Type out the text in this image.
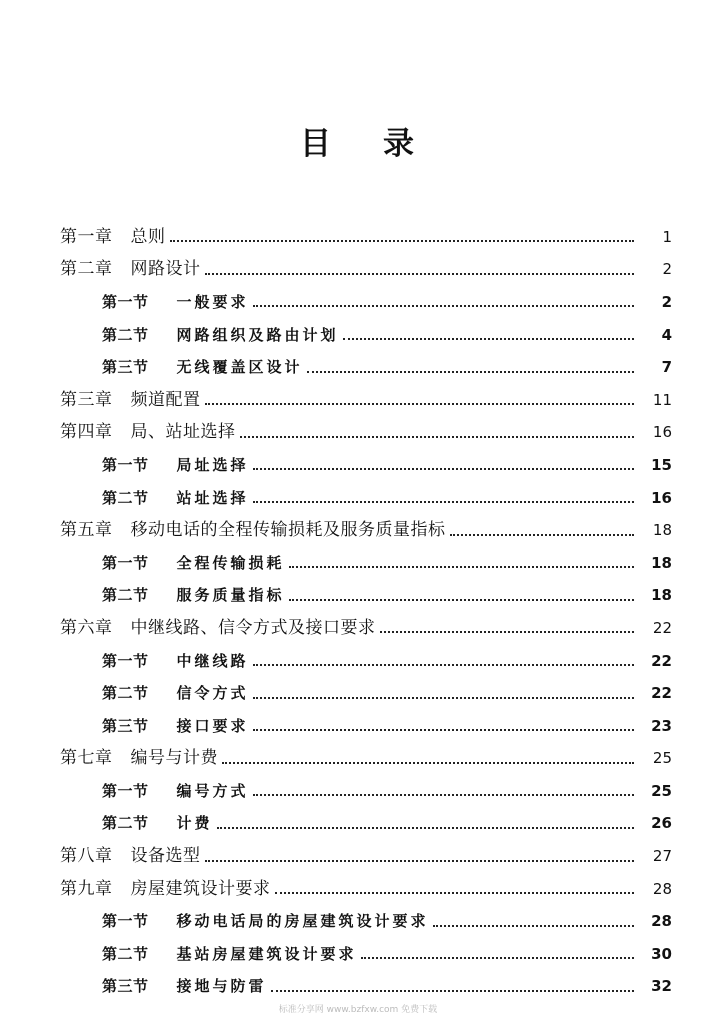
目 录
第一章 总则	1
第二章 网路设计	2
第一节 一般要求	2
第二节 网路组织及路由计划	4
第三节 无线覆盖区设计	7
第三章 频道配置	11
第四章 局、站址选择	16
第一节 局址选择	15
第二节 站址选择	16
第五章 移动电话的全程传输损耗及服务质量指标	18
第一节 全程传输损耗	18
第二节 服务质量指标	18
第六章 中继线路、信令方式及接口要求	22
第一节 中继线路	22
第二节 信令方式	22
第三节 接口要求	23
第七章 编号与计费	25
第一节 编号方式	25
第二节 计费	26
第八章 设备选型	27
第九章 房屋建筑设计要求	28
第一节 移动电话局的房屋建筑设计要求	28
第二节 基站房屋建筑设计要求	30
第三节 接地与防雷	32
标准分享网 www.bzfxw.com 免费下载
